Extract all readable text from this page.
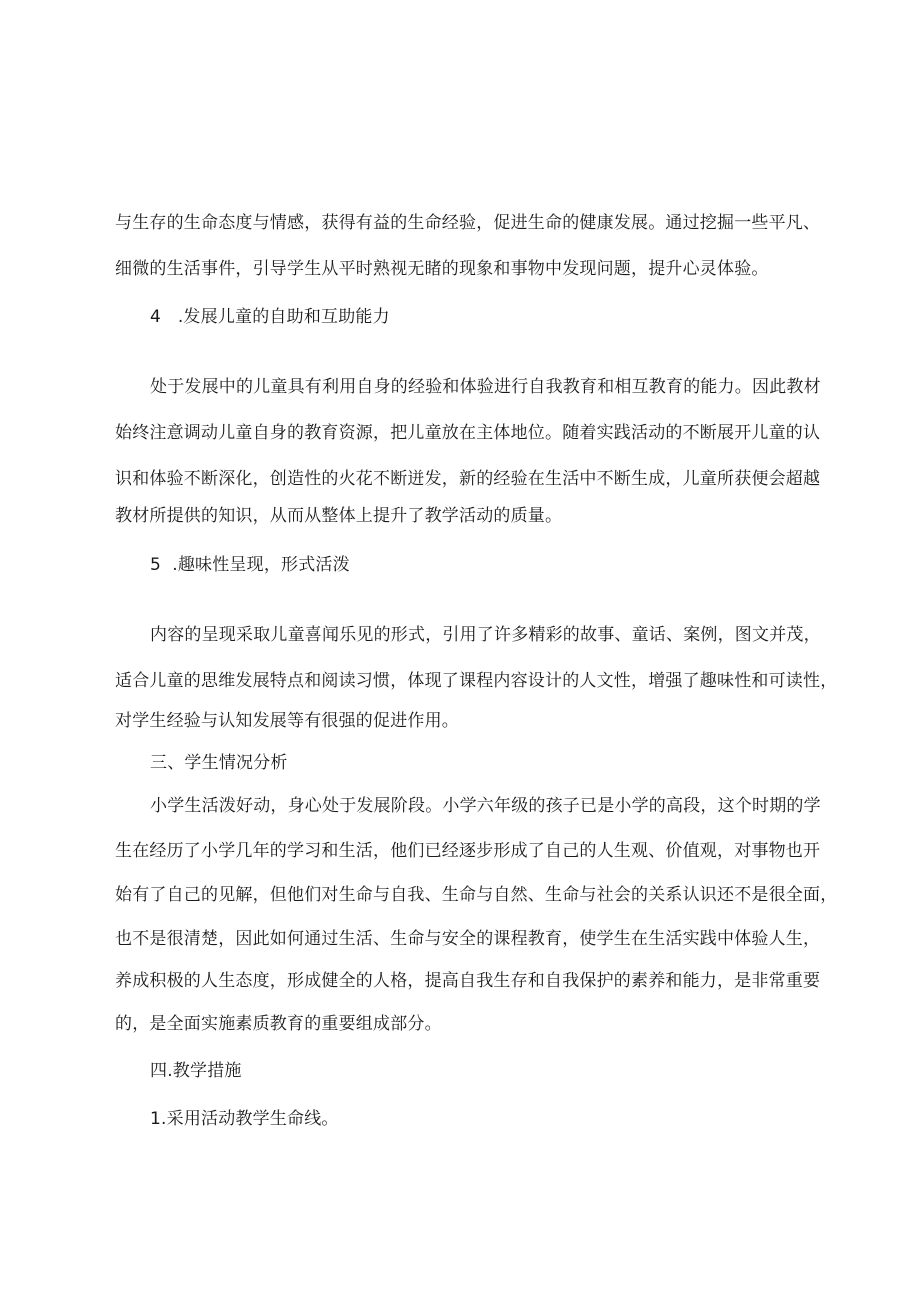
与生存的生命态度与情感，获得有益的生命经验，促进生命的健康发展。通过挖掘一些平凡、
细微的生活事件，引导学生从平时熟视无睹的现象和事物中发现问题，提升心灵体验。
4   .发展儿童的自助和互助能力
处于发展中的儿童具有利用自身的经验和体验进行自我教育和相互教育的能力。因此教材
始终注意调动儿童自身的教育资源，把儿童放在主体地位。随着实践活动的不断展开儿童的认
识和体验不断深化，创造性的火花不断迸发，新的经验在生活中不断生成，儿童所获便会超越
教材所提供的知识，从而从整体上提升了教学活动的质量。
5  .趣味性呈现，形式活泼
内容的呈现采取儿童喜闻乐见的形式，引用了许多精彩的故事、童话、案例，图文并茂，
适合儿童的思维发展特点和阅读习惯，体现了课程内容设计的人文性，增强了趣味性和可读性，
对学生经验与认知发展等有很强的促进作用。
三、学生情况分析
小学生活泼好动，身心处于发展阶段。小学六年级的孩子已是小学的高段，这个时期的学
生在经历了小学几年的学习和生活，他们已经逐步形成了自己的人生观、价值观，对事物也开
始有了自己的见解，但他们对生命与自我、生命与自然、生命与社会的关系认识还不是很全面，
也不是很清楚，因此如何通过生活、生命与安全的课程教育，使学生在生活实践中体验人生，
养成积极的人生态度，形成健全的人格，提高自我生存和自我保护的素养和能力，是非常重要
的，是全面实施素质教育的重要组成部分。
四.教学措施
1.采用活动教学生命线。
